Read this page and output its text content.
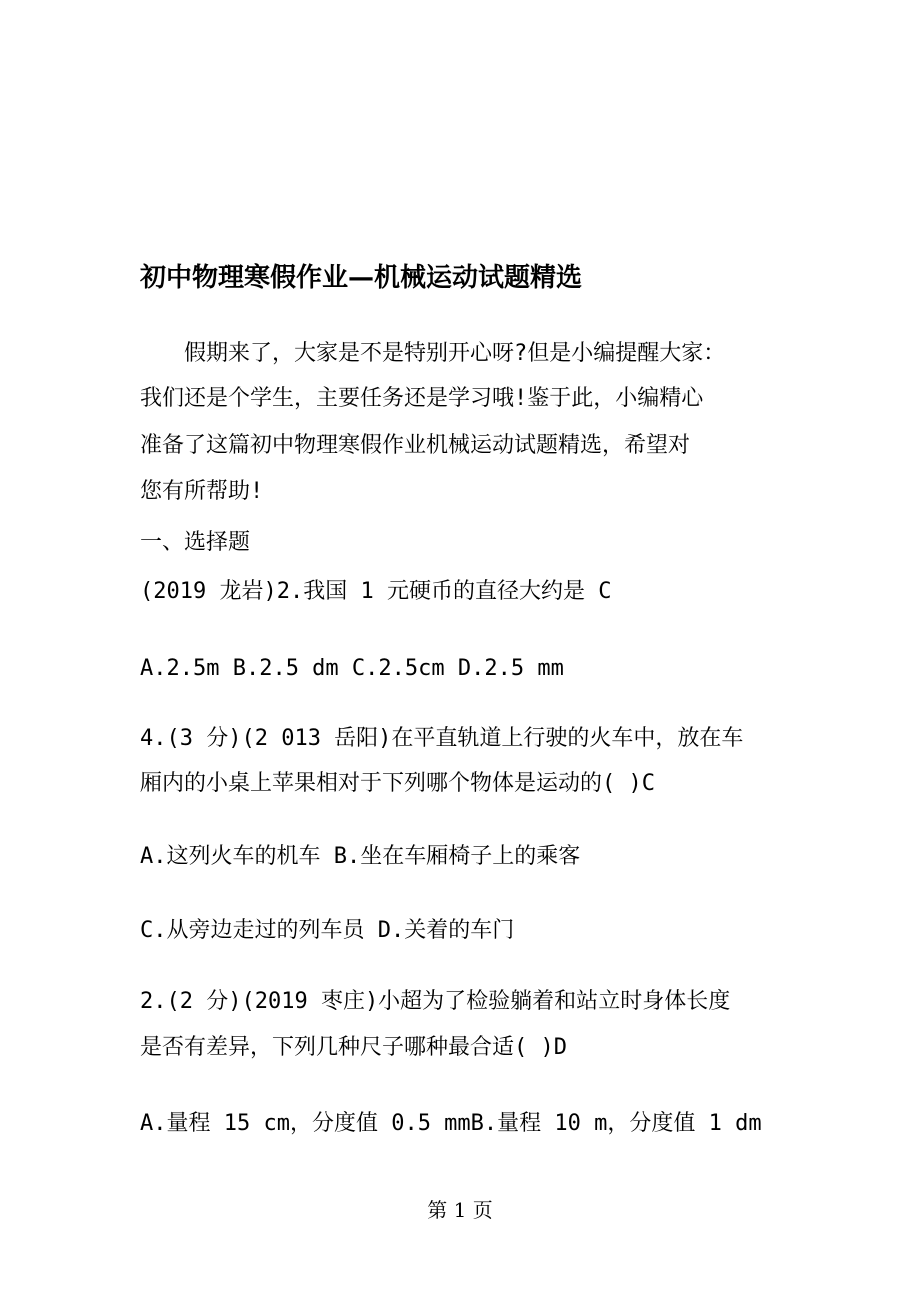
初中物理寒假作业—机械运动试题精选
　　假期来了，大家是不是特别开心呀?但是小编提醒大家：
我们还是个学生，主要任务还是学习哦!鉴于此，小编精心
准备了这篇初中物理寒假作业机械运动试题精选，希望对
您有所帮助!
一、选择题
(2019 龙岩)2.我国 1 元硬币的直径大约是 C
A.2.5m B.2.5 dm C.2.5cm D.2.5 mm
4.(3 分)(2 013 岳阳)在平直轨道上行驶的火车中，放在车
厢内的小桌上苹果相对于下列哪个物体是运动的( )C
A.这列火车的机车 B.坐在车厢椅子上的乘客
C.从旁边走过的列车员 D.关着的车门
2.(2 分)(2019 枣庄)小超为了检验躺着和站立时身体长度
是否有差异，下列几种尺子哪种最合适( )D
A.量程 15 cm，分度值 0.5 mmB.量程 10 m，分度值 1 dm
第 1 页
